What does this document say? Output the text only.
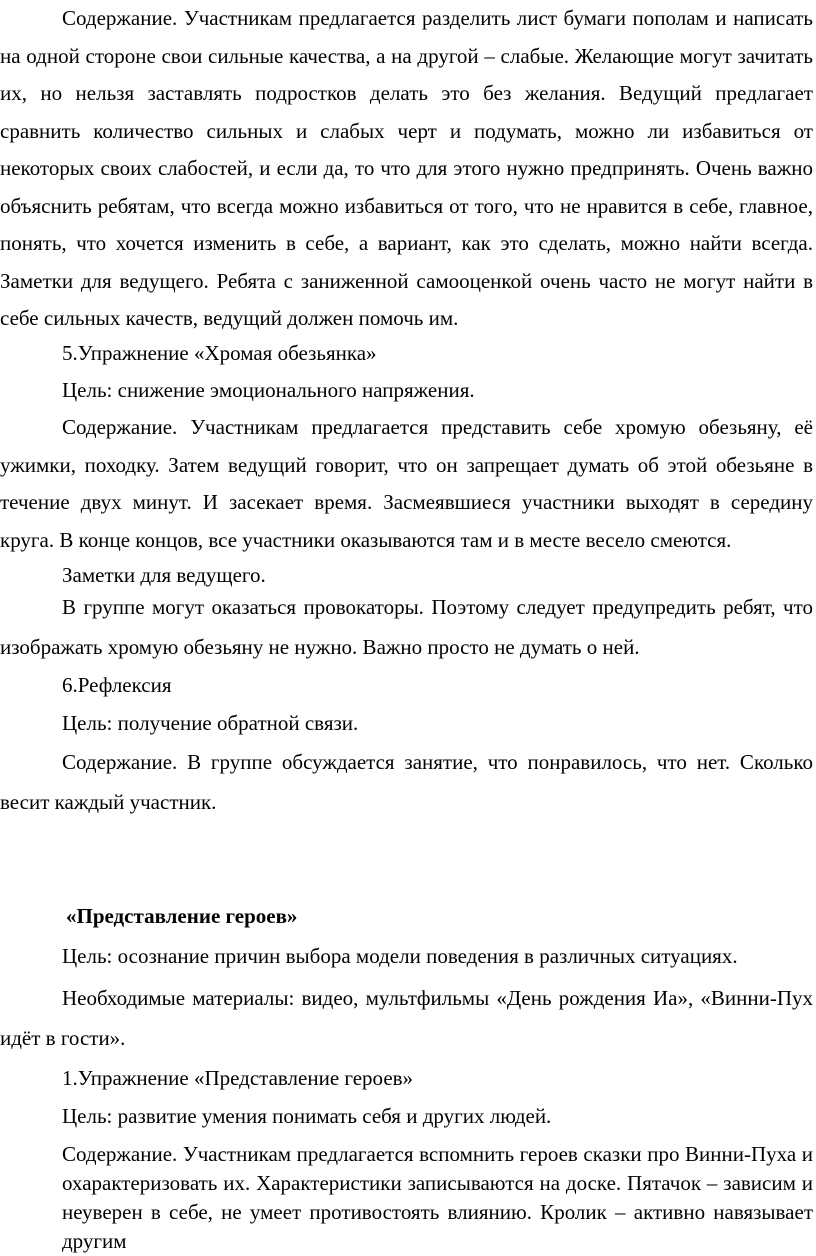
Содержание. Участникам предлагается разделить лист бумаги пополам и написать на одной стороне свои сильные качества, а на другой – слабые. Желающие могут зачитать их, но нельзя заставлять подростков делать это без желания. Ведущий предлагает сравнить количество сильных и слабых черт и подумать, можно ли избавиться от некоторых своих слабостей, и если да, то что для этого нужно предпринять. Очень важно объяснить ребятам, что всегда можно избавиться от того, что не нравится в себе, главное, понять, что хочется изменить в себе, а вариант, как это сделать, можно найти всегда. Заметки для ведущего. Ребята с заниженной самооценкой очень часто не могут найти в себе сильных качеств, ведущий должен помочь им.

5.Упражнение «Хромая обезьянка»

Цель: снижение эмоционального напряжения.

Содержание. Участникам предлагается представить себе хромую обезьяну, её ужимки, походку. Затем ведущий говорит, что он запрещает думать об этой обезьяне в течение двух минут. И засекает время. Засмеявшиеся участники выходят в середину круга. В конце концов, все участники оказываются там и в месте весело смеются.

Заметки для ведущего.

В группе могут оказаться провокаторы. Поэтому следует предупредить ребят, что изображать хромую обезьяну не нужно. Важно просто не думать о ней.

6.Рефлексия

Цель: получение обратной связи.

Содержание. В группе обсуждается занятие, что понравилось, что нет. Сколько весит каждый участник.

«Представление героев»

Цель: осознание причин выбора модели поведения в различных ситуациях.

Необходимые материалы: видео, мультфильмы «День рождения Иа», «Винни-Пух идёт в гости».

1.Упражнение «Представление героев»

Цель: развитие умения понимать себя и других людей.

Содержание. Участникам предлагается вспомнить героев сказки про Винни-Пуха и охарактеризовать их. Характеристики записываются на доске. Пятачок – зависим и неуверен в себе, не умеет противостоять влиянию. Кролик – активно навязывает другим
